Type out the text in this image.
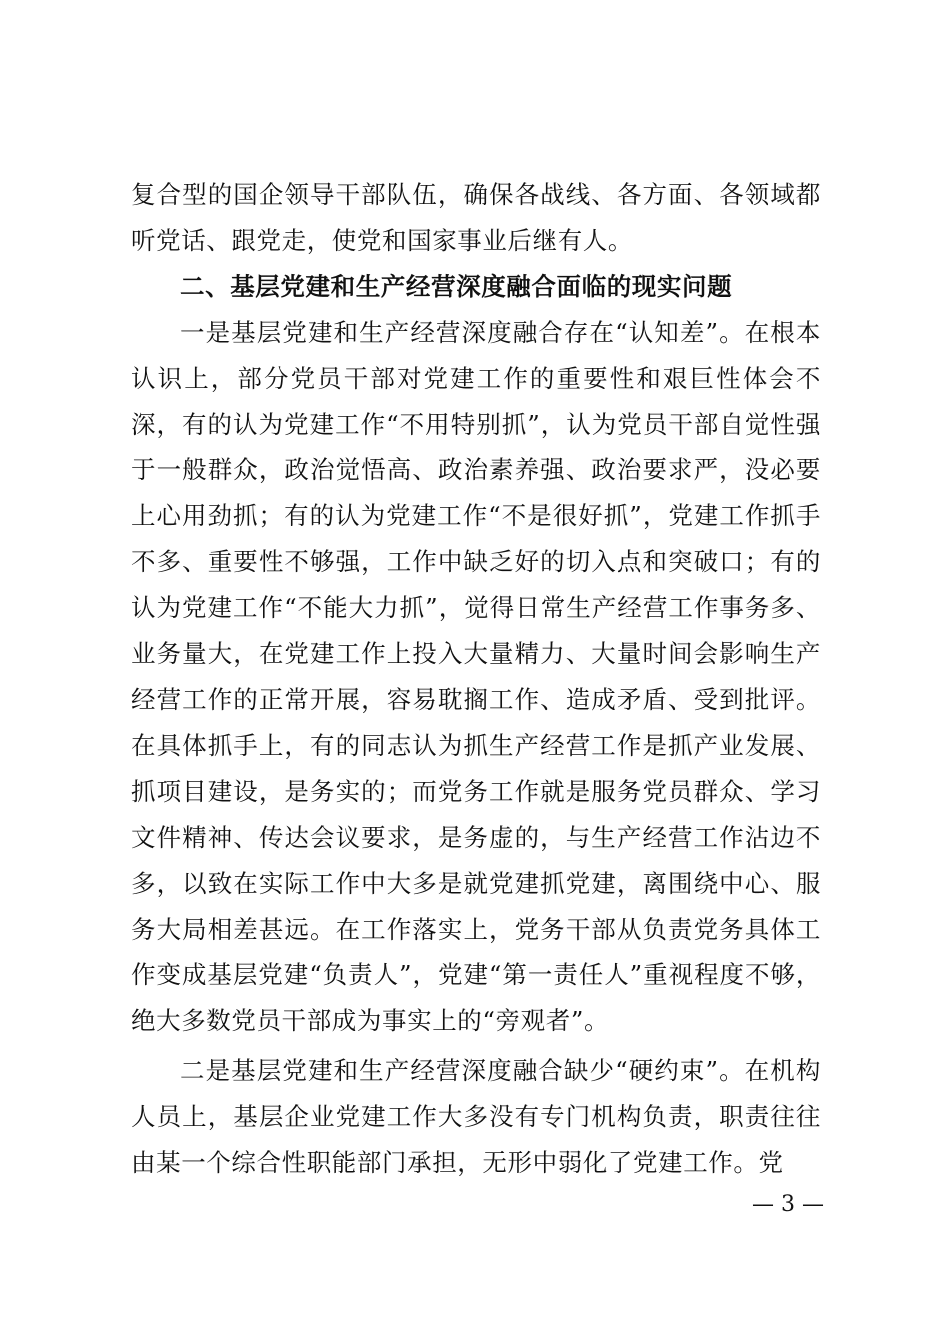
复合型的国企领导干部队伍，确保各战线、各方面、各领域都听党话、跟党走，使党和国家事业后继有人。

二、基层党建和生产经营深度融合面临的现实问题

一是基层党建和生产经营深度融合存在“认知差”。在根本认识上，部分党员干部对党建工作的重要性和艰巨性体会不深，有的认为党建工作“不用特别抓”，认为党员干部自觉性强于一般群众，政治觉悟高、政治素养强、政治要求严，没必要上心用劲抓；有的认为党建工作“不是很好抓”，党建工作抓手不多、重要性不够强，工作中缺乏好的切入点和突破口；有的认为党建工作“不能大力抓”，觉得日常生产经营工作事务多、业务量大，在党建工作上投入大量精力、大量时间会影响生产经营工作的正常开展，容易耽搁工作、造成矛盾、受到批评。在具体抓手上，有的同志认为抓生产经营工作是抓产业发展、抓项目建设，是务实的；而党务工作就是服务党员群众、学习文件精神、传达会议要求，是务虚的，与生产经营工作沾边不多，以致在实际工作中大多是就党建抓党建，离围绕中心、服务大局相差甚远。在工作落实上，党务干部从负责党务具体工作变成基层党建“负责人”，党建“第一责任人”重视程度不够，绝大多数党员干部成为事实上的“旁观者”。

二是基层党建和生产经营深度融合缺少“硬约束”。在机构人员上，基层企业党建工作大多没有专门机构负责，职责往往由某一个综合性职能部门承担，无形中弱化了党建工作。党

— 3 —
